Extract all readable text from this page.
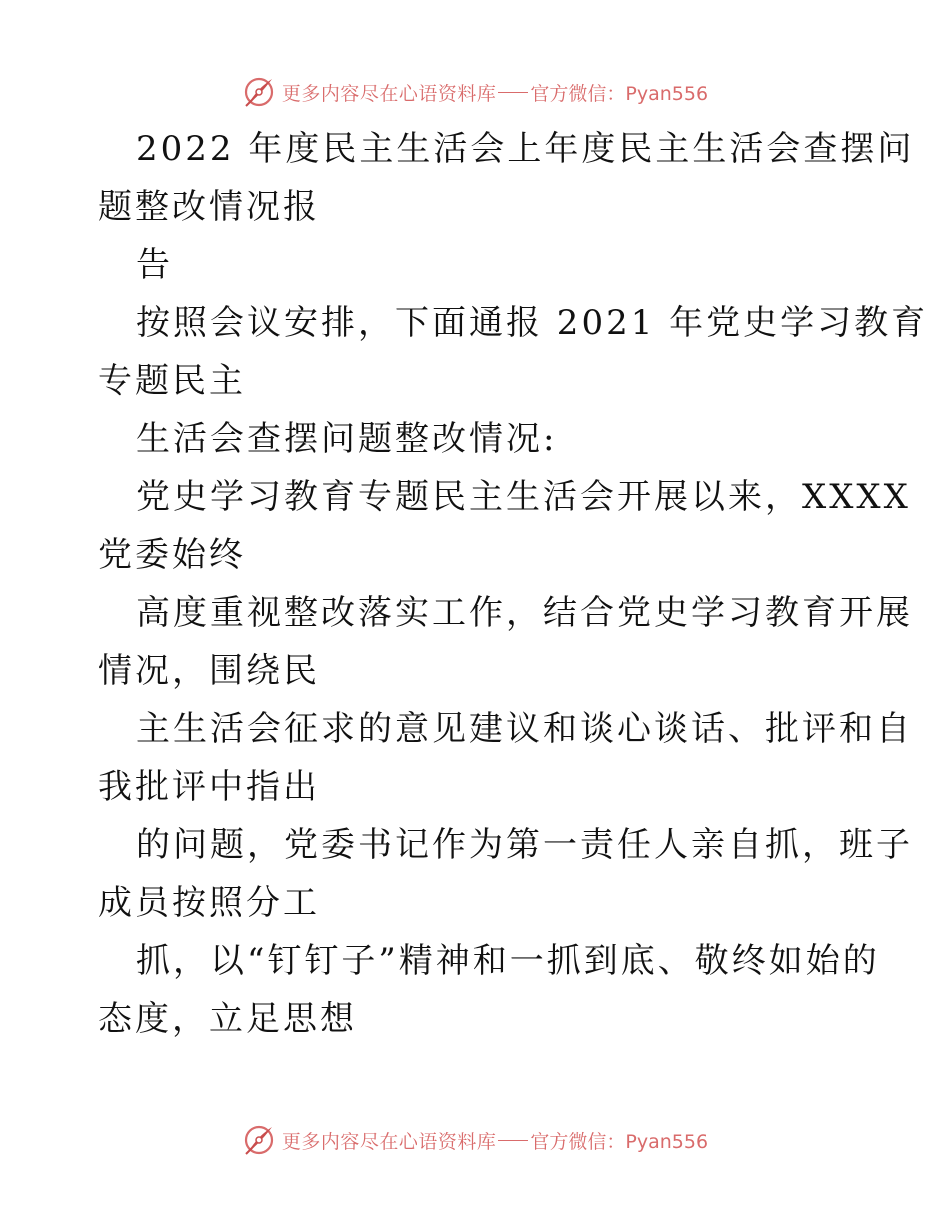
更多内容尽在心语资料库 官方微信：Pyan556
2022 年度民主生活会上年度民主生活会查摆问
题整改情况报
告
按照会议安排，下面通报 2021 年党史学习教育
专题民主
生活会查摆问题整改情况:
党史学习教育专题民主生活会开展以来，XXXX
党委始终
高度重视整改落实工作，结合党史学习教育开展
情况，围绕民
主生活会征求的意见建议和谈心谈话、批评和自
我批评中指出
的问题，党委书记作为第一责任人亲自抓，班子
成员按照分工
抓，以“钉钉子”精神和一抓到底、敬终如始的
态度，立足思想
更多内容尽在心语资料库 官方微信：Pyan556
